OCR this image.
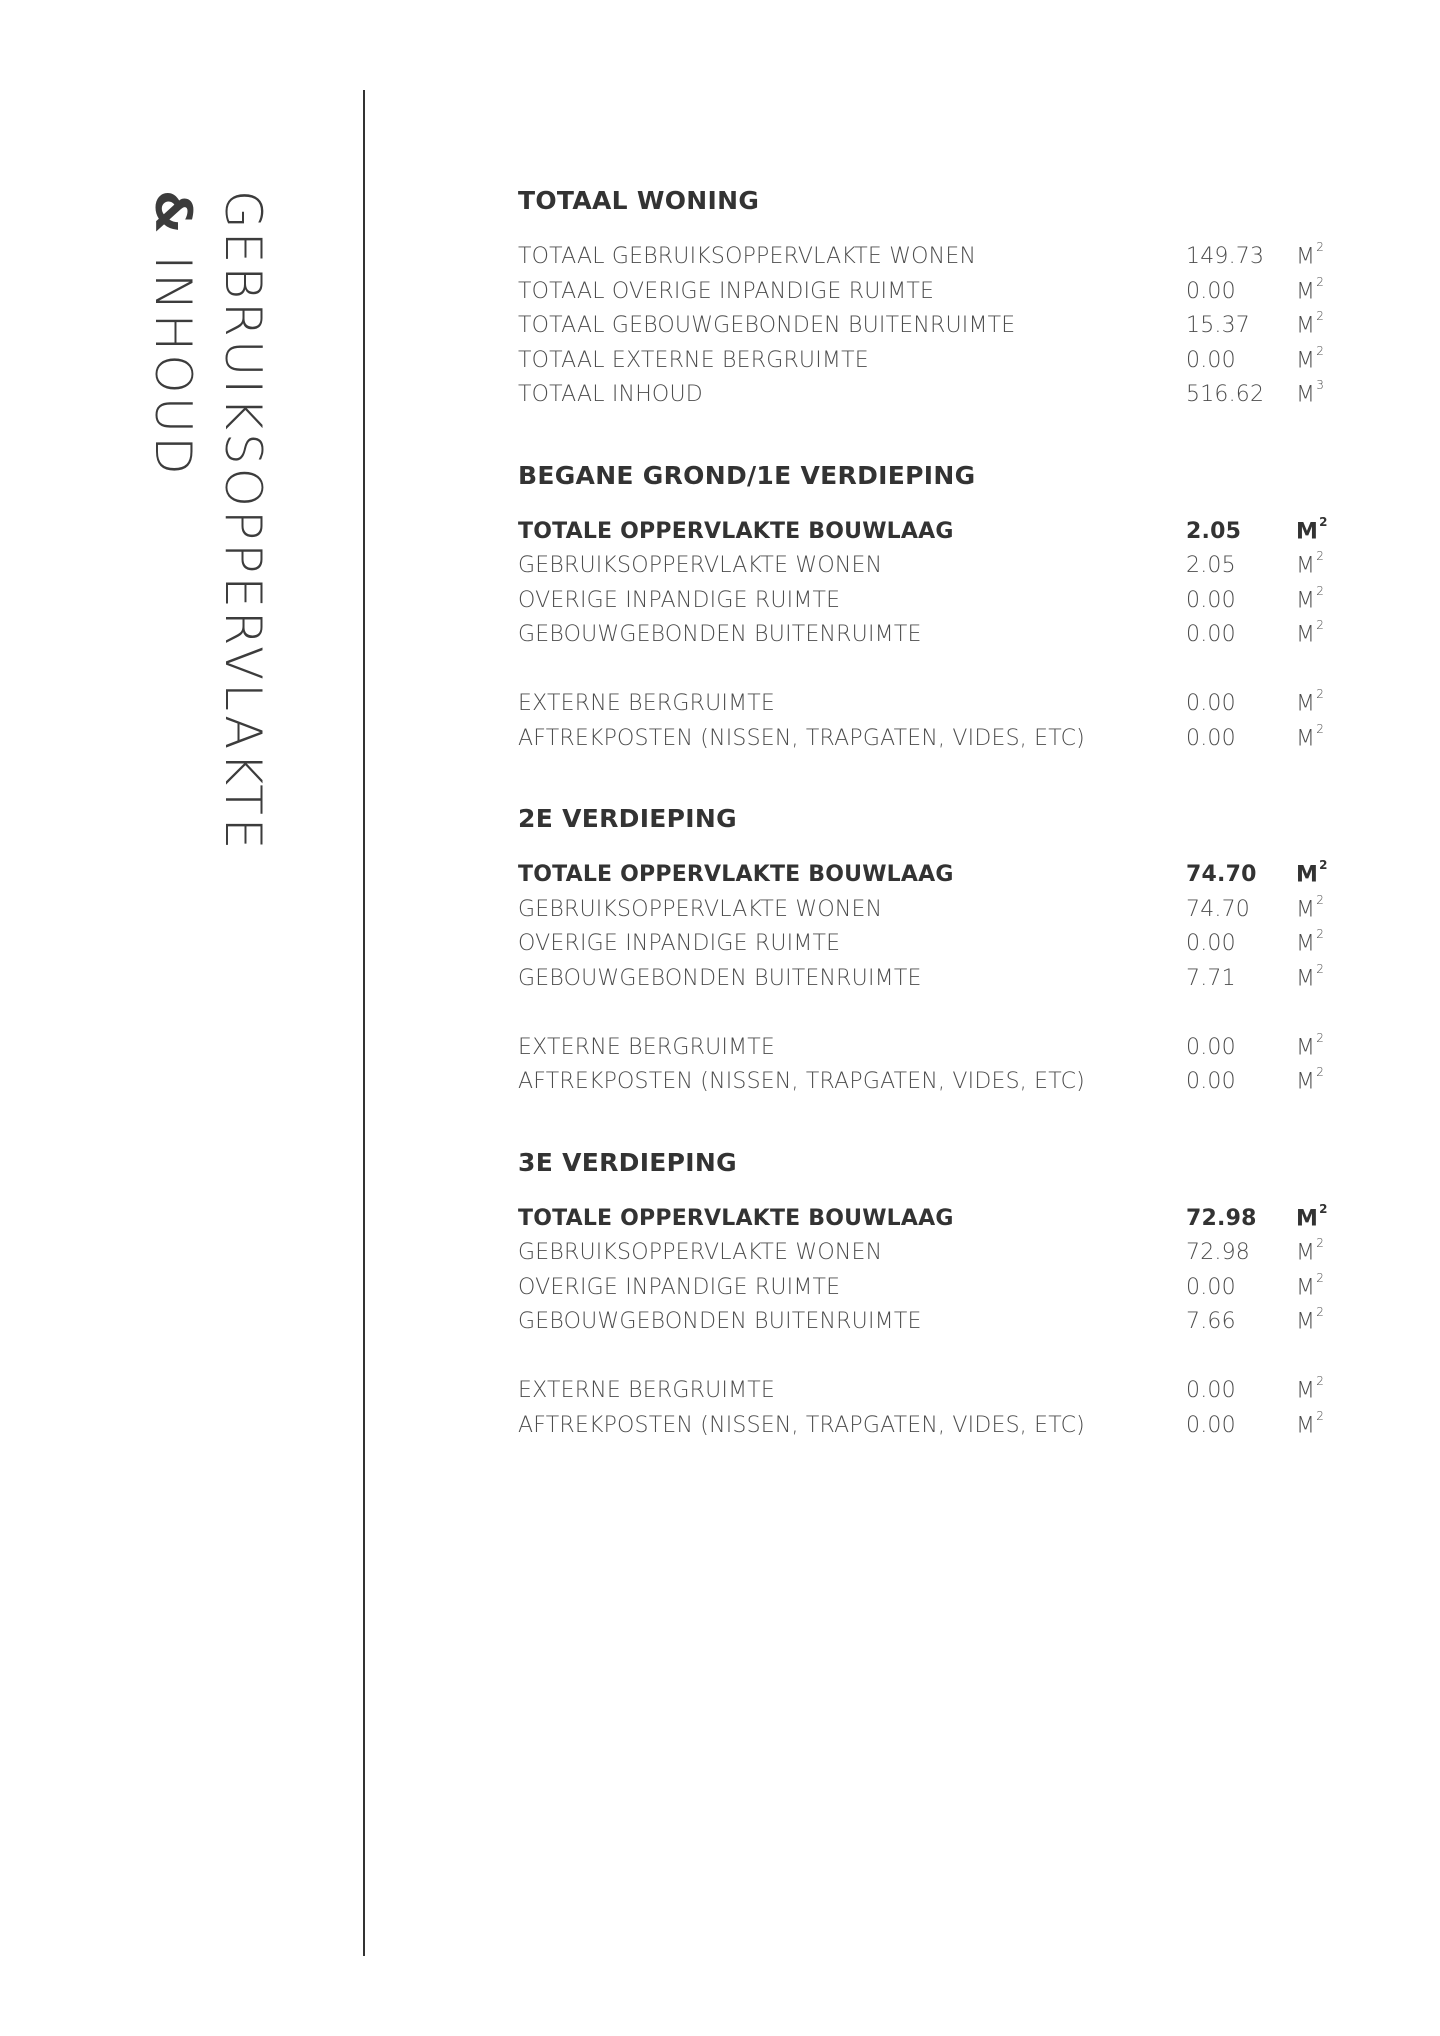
GEBRUIKSOPPERVLAKTE
& INHOUD
TOTAAL WONING
TOTAAL GEBRUIKSOPPERVLAKTE WONEN	149.73	$M^2$
TOTAAL OVERIGE INPANDIGE RUIMTE	0.00	$M^2$
TOTAAL GEBOUWGEBONDEN BUITENRUIMTE	15.37	$M^2$
TOTAAL EXTERNE BERGRUIMTE	0.00	$M^2$
TOTAAL INHOUD	516.62	$M^3$
BEGANE GROND/1E VERDIEPING
TOTALE OPPERVLAKTE BOUWLAAG	2.05	$M^2$
GEBRUIKSOPPERVLAKTE WONEN	2.05	$M^2$
OVERIGE INPANDIGE RUIMTE	0.00	$M^2$
GEBOUWGEBONDEN BUITENRUIMTE	0.00	$M^2$
EXTERNE BERGRUIMTE	0.00	$M^2$
AFTREKPOSTEN (NISSEN, TRAPGATEN, VIDES, ETC)	0.00	$M^2$
2E VERDIEPING
TOTALE OPPERVLAKTE BOUWLAAG	74.70	$M^2$
GEBRUIKSOPPERVLAKTE WONEN	74.70	$M^2$
OVERIGE INPANDIGE RUIMTE	0.00	$M^2$
GEBOUWGEBONDEN BUITENRUIMTE	7.71	$M^2$
EXTERNE BERGRUIMTE	0.00	$M^2$
AFTREKPOSTEN (NISSEN, TRAPGATEN, VIDES, ETC)	0.00	$M^2$
3E VERDIEPING
TOTALE OPPERVLAKTE BOUWLAAG	72.98	$M^2$
GEBRUIKSOPPERVLAKTE WONEN	72.98	$M^2$
OVERIGE INPANDIGE RUIMTE	0.00	$M^2$
GEBOUWGEBONDEN BUITENRUIMTE	7.66	$M^2$
EXTERNE BERGRUIMTE	0.00	$M^2$
AFTREKPOSTEN (NISSEN, TRAPGATEN, VIDES, ETC)	0.00	$M^2$
